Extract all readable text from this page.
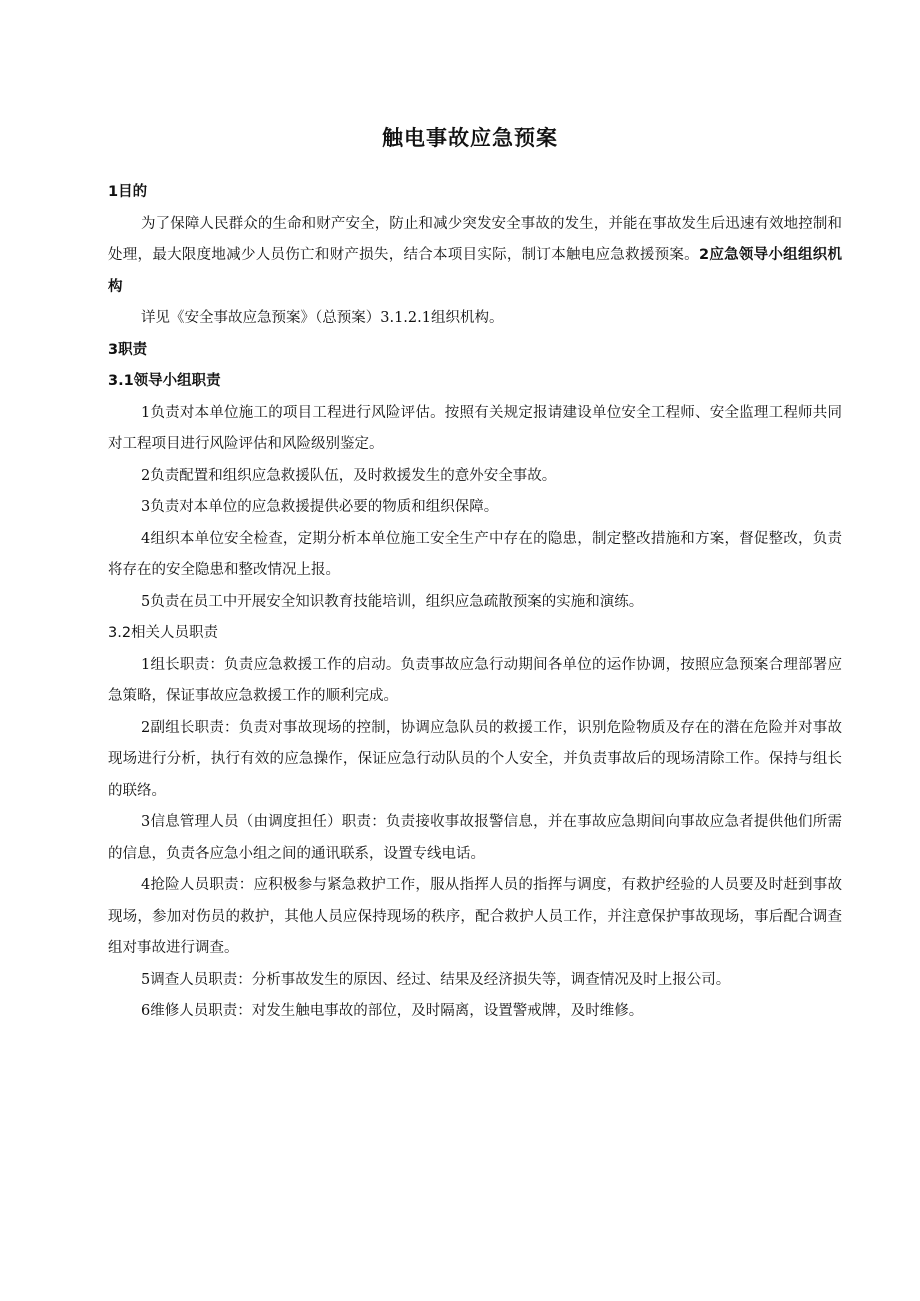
触电事故应急预案

1目的

为了保障人民群众的生命和财产安全，防止和减少突发安全事故的发生，并能在事故发生后迅速有效地控制和处理，最大限度地减少人员伤亡和财产损失，结合本项目实际，制订本触电应急救援预案。2应急领导小组组织机构

详见《安全事故应急预案》（总预案）3.1.2.1组织机构。

3职责

3.1领导小组职责

1负责对本单位施工的项目工程进行风险评估。按照有关规定报请建设单位安全工程师、安全监理工程师共同对工程项目进行风险评估和风险级别鉴定。

2负责配置和组织应急救援队伍，及时救援发生的意外安全事故。

3负责对本单位的应急救援提供必要的物质和组织保障。

4组织本单位安全检查，定期分析本单位施工安全生产中存在的隐患，制定整改措施和方案，督促整改，负责将存在的安全隐患和整改情况上报。

5负责在员工中开展安全知识教育技能培训，组织应急疏散预案的实施和演练。

3.2相关人员职责

1组长职责：负责应急救援工作的启动。负责事故应急行动期间各单位的运作协调，按照应急预案合理部署应急策略，保证事故应急救援工作的顺利完成。

2副组长职责：负责对事故现场的控制，协调应急队员的救援工作，识别危险物质及存在的潜在危险并对事故现场进行分析，执行有效的应急操作，保证应急行动队员的个人安全，并负责事故后的现场清除工作。保持与组长的联络。

3信息管理人员（由调度担任）职责：负责接收事故报警信息，并在事故应急期间向事故应急者提供他们所需的信息，负责各应急小组之间的通讯联系，设置专线电话。

4抢险人员职责：应积极参与紧急救护工作，服从指挥人员的指挥与调度，有救护经验的人员要及时赶到事故现场，参加对伤员的救护，其他人员应保持现场的秩序，配合救护人员工作，并注意保护事故现场，事后配合调查组对事故进行调查。

5调查人员职责：分析事故发生的原因、经过、结果及经济损失等，调查情况及时上报公司。

6维修人员职责：对发生触电事故的部位，及时隔离，设置警戒牌，及时维修。
